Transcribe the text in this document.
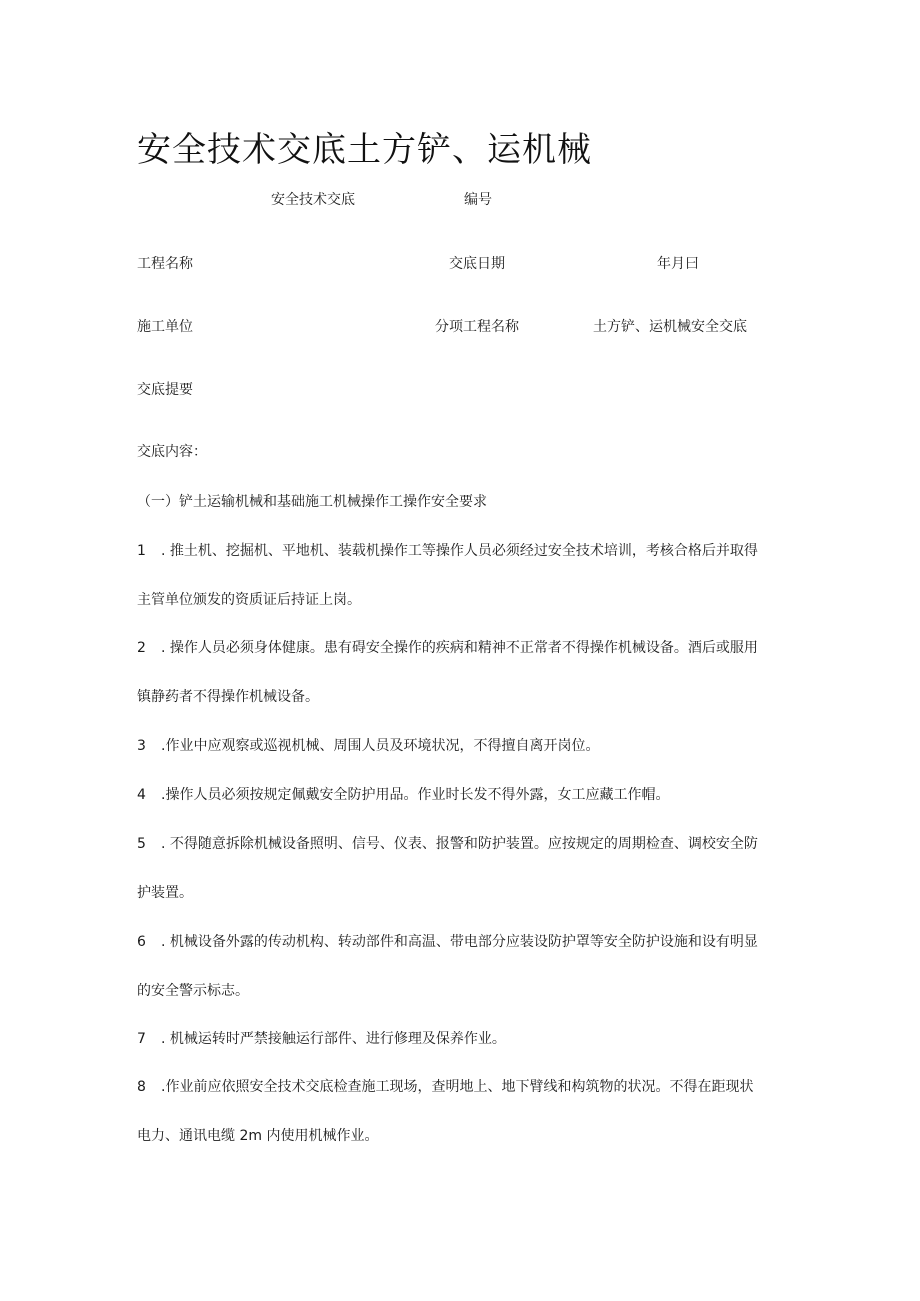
安全技术交底土方铲、运机械
安全技术交底	编号
工程名称	交底日期	年月曰
施工单位	分项工程名称	土方铲、运机械安全交底
交底提要
交底内容：
（一）铲土运输机械和基础施工机械操作工操作安全要求
1 . 推土机、挖掘机、平地机、装载机操作工等操作人员必须经过安全技术培训，考核合格后并取得
主管单位颁发的资质证后持证上岗。
2 . 操作人员必须身体健康。患有碍安全操作的疾病和精神不正常者不得操作机械设备。酒后或服用
镇静药者不得操作机械设备。
3 .作业中应观察或巡视机械、周围人员及环境状况，不得擅自离开岗位。
4 .操作人员必须按规定佩戴安全防护用品。作业时长发不得外露，女工应藏工作帽。
5 . 不得随意拆除机械设备照明、信号、仪表、报警和防护装置。应按规定的周期检查、调校安全防
护装置。
6 . 机械设备外露的传动机构、转动部件和高温、带电部分应装设防护罩等安全防护设施和设有明显
的安全警示标志。
7 . 机械运转时严禁接触运行部件、进行修理及保养作业。
8 .作业前应依照安全技术交底检查施工现场，查明地上、地下臂线和构筑物的状况。不得在距现状
电力、通讯电缆 2m 内使用机械作业。
